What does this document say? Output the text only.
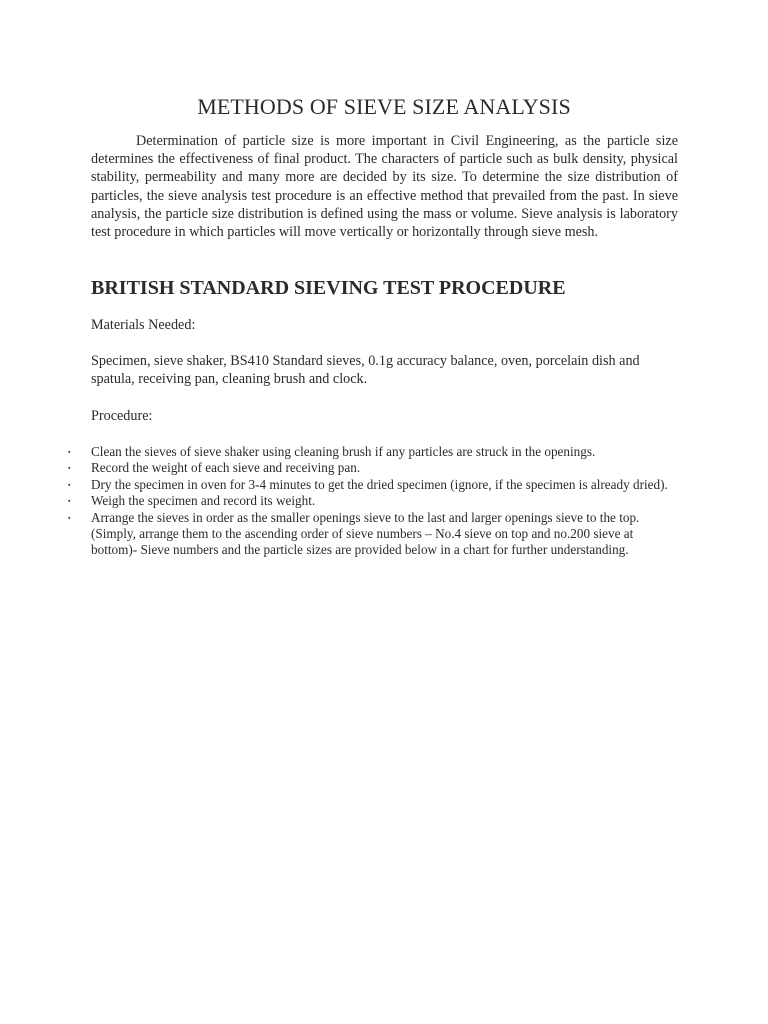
METHODS OF SIEVE SIZE ANALYSIS

Determination of particle size is more important in Civil Engineering, as the particle size determines the effectiveness of final product. The characters of particle such as bulk density, physical stability, permeability and many more are decided by its size. To determine the size distribution of particles, the sieve analysis test procedure is an effective method that prevailed from the past. In sieve analysis, the particle size distribution is defined using the mass or volume. Sieve analysis is laboratory test procedure in which particles will move vertically or horizontally through sieve mesh.

BRITISH STANDARD SIEVING TEST PROCEDURE

Materials Needed:

Specimen, sieve shaker, BS410 Standard sieves, 0.1g accuracy balance, oven, porcelain dish and spatula, receiving pan, cleaning brush and clock.

Procedure:

▪ Clean the sieves of sieve shaker using cleaning brush if any particles are struck in the openings.
▪ Record the weight of each sieve and receiving pan.
▪ Dry the specimen in oven for 3-4 minutes to get the dried specimen (ignore, if the specimen is already dried).
▪ Weigh the specimen and record its weight.
▪ Arrange the sieves in order as the smaller openings sieve to the last and larger openings sieve to the top. (Simply, arrange them to the ascending order of sieve numbers – No.4 sieve on top and no.200 sieve at bottom)- Sieve numbers and the particle sizes are provided below in a chart for further understanding.
